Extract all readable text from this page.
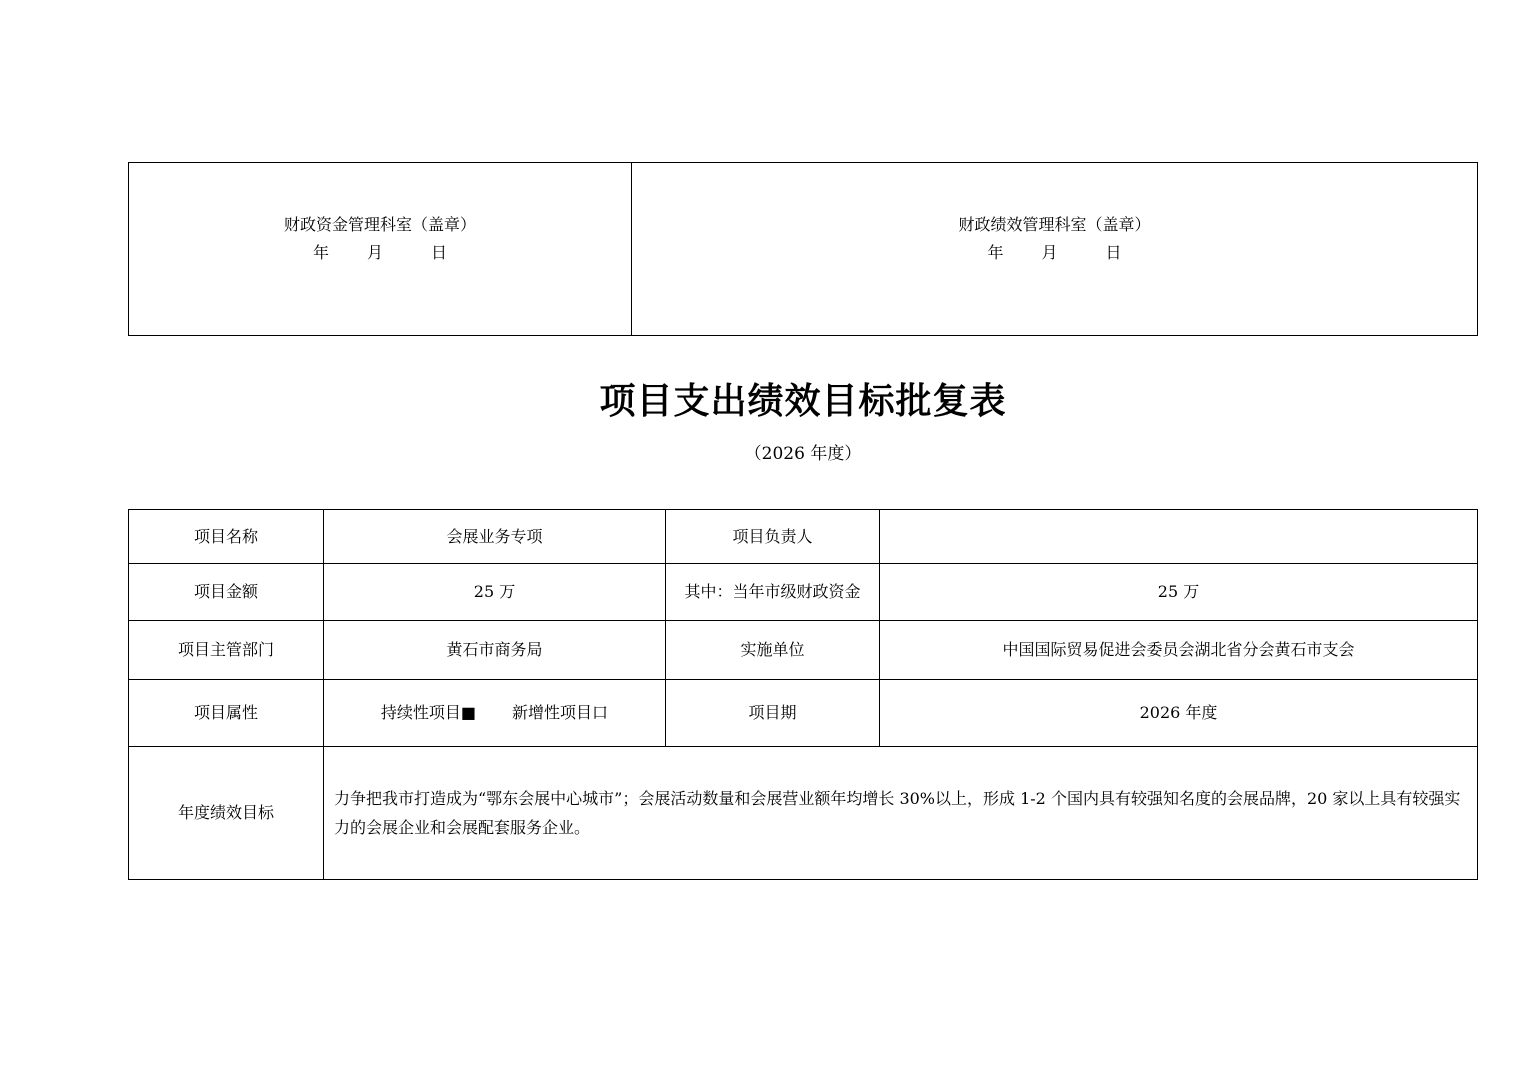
财政资金管理科室（盖章）
年 月	日

财政绩效管理科室（盖章）
年 月	日
项目支出绩效目标批复表
（2026 年度）
项目名称	会展业务专项	项目负责人	
项目金额	25 万	其中：当年市级财政资金	25 万
项目主管部门	黄石市商务局	实施单位	中国国际贸易促进会委员会湖北省分会黄石市支会
项目属性	持续性项目■ 新增性项目口	项目期	2026 年度
年度绩效目标	力争把我市打造成为“鄂东会展中心城市”；会展活动数量和会展营业额年均增长 30%以上，形成 1-2 个国内具有较强知名度的会展品牌，20 家以上具有较强实力的会展企业和会展配套服务企业。		
